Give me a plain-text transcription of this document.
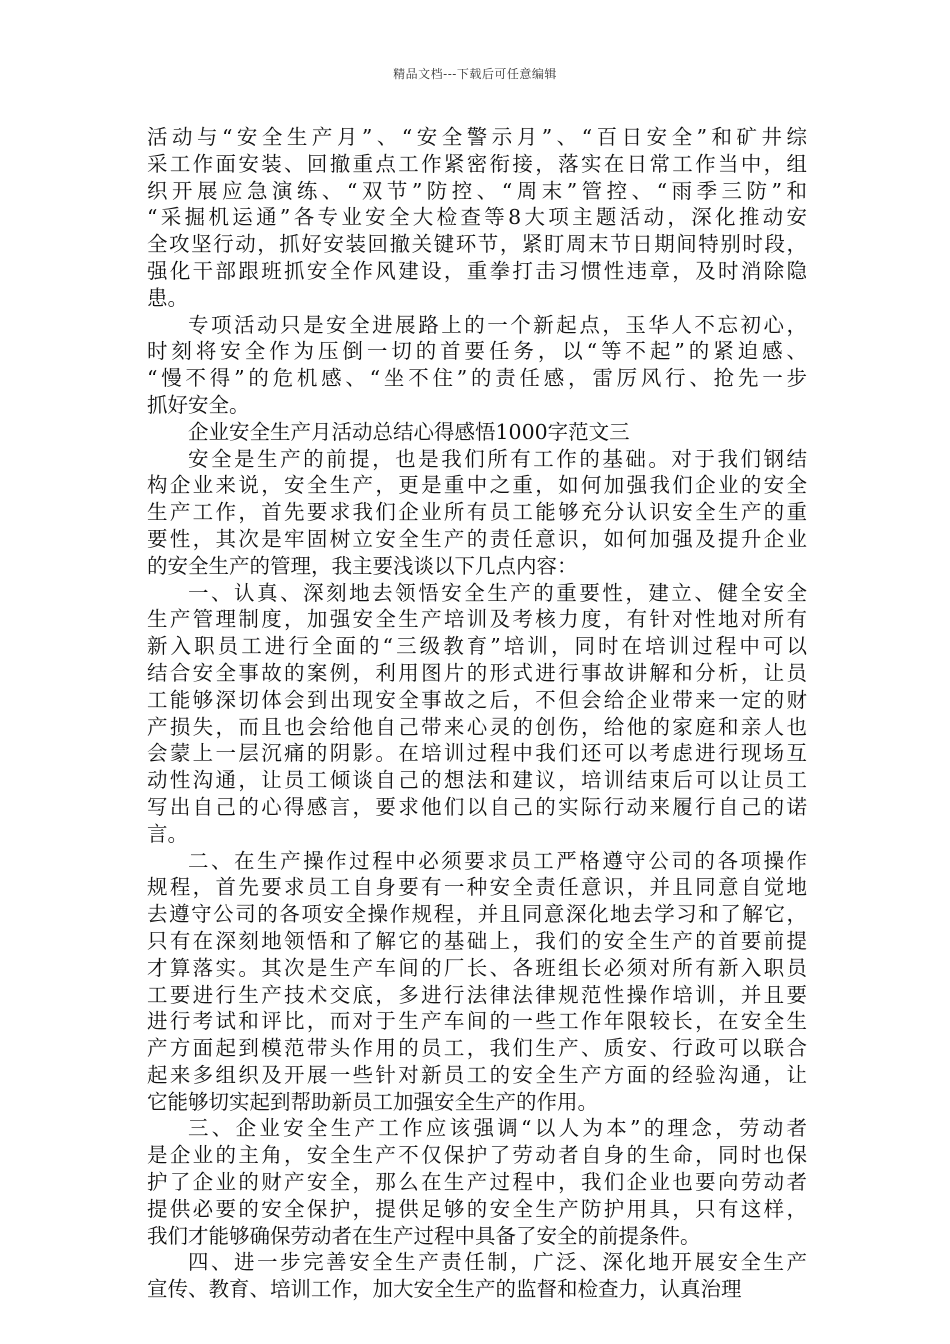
精品文档---下载后可任意编辑
活动与“安全生产月”、“安全警示月”、“百日安全”和矿井综
采工作面安装、回撤重点工作紧密衔接，落实在日常工作当中，组
织开展应急演练、“双节”防控、“周末”管控、“雨季三防”和
“采掘机运通”各专业安全大检查等8大项主题活动，深化推动安
全攻坚行动，抓好安装回撤关键环节，紧盯周末节日期间特别时段，
强化干部跟班抓安全作风建设，重拳打击习惯性违章，及时消除隐
患。
专项活动只是安全进展路上的一个新起点，玉华人不忘初心，
时刻将安全作为压倒一切的首要任务，以“等不起”的紧迫感、
“慢不得”的危机感、“坐不住”的责任感，雷厉风行、抢先一步
抓好安全。
企业安全生产月活动总结心得感悟1000字范文三
安全是生产的前提，也是我们所有工作的基础。对于我们钢结
构企业来说，安全生产，更是重中之重，如何加强我们企业的安全
生产工作，首先要求我们企业所有员工能够充分认识安全生产的重
要性，其次是牢固树立安全生产的责任意识，如何加强及提升企业
的安全生产的管理，我主要浅谈以下几点内容：
一、认真、深刻地去领悟安全生产的重要性，建立、健全安全
生产管理制度，加强安全生产培训及考核力度，有针对性地对所有
新入职员工进行全面的“三级教育”培训，同时在培训过程中可以
结合安全事故的案例，利用图片的形式进行事故讲解和分析，让员
工能够深切体会到出现安全事故之后，不但会给企业带来一定的财
产损失，而且也会给他自己带来心灵的创伤，给他的家庭和亲人也
会蒙上一层沉痛的阴影。在培训过程中我们还可以考虑进行现场互
动性沟通，让员工倾谈自己的想法和建议，培训结束后可以让员工
写出自己的心得感言，要求他们以自己的实际行动来履行自己的诺
言。
二、在生产操作过程中必须要求员工严格遵守公司的各项操作
规程，首先要求员工自身要有一种安全责任意识，并且同意自觉地
去遵守公司的各项安全操作规程，并且同意深化地去学习和了解它，
只有在深刻地领悟和了解它的基础上，我们的安全生产的首要前提
才算落实。其次是生产车间的厂长、各班组长必须对所有新入职员
工要进行生产技术交底，多进行法律法律规范性操作培训，并且要
进行考试和评比，而对于生产车间的一些工作年限较长，在安全生
产方面起到模范带头作用的员工，我们生产、质安、行政可以联合
起来多组织及开展一些针对新员工的安全生产方面的经验沟通，让
它能够切实起到帮助新员工加强安全生产的作用。
三、企业安全生产工作应该强调“以人为本”的理念，劳动者
是企业的主角，安全生产不仅保护了劳动者自身的生命，同时也保
护了企业的财产安全，那么在生产过程中，我们企业也要向劳动者
提供必要的安全保护，提供足够的安全生产防护用具，只有这样，
我们才能够确保劳动者在生产过程中具备了安全的前提条件。
四、进一步完善安全生产责任制，广泛、深化地开展安全生产
宣传、教育、培训工作，加大安全生产的监督和检查力，认真治理
